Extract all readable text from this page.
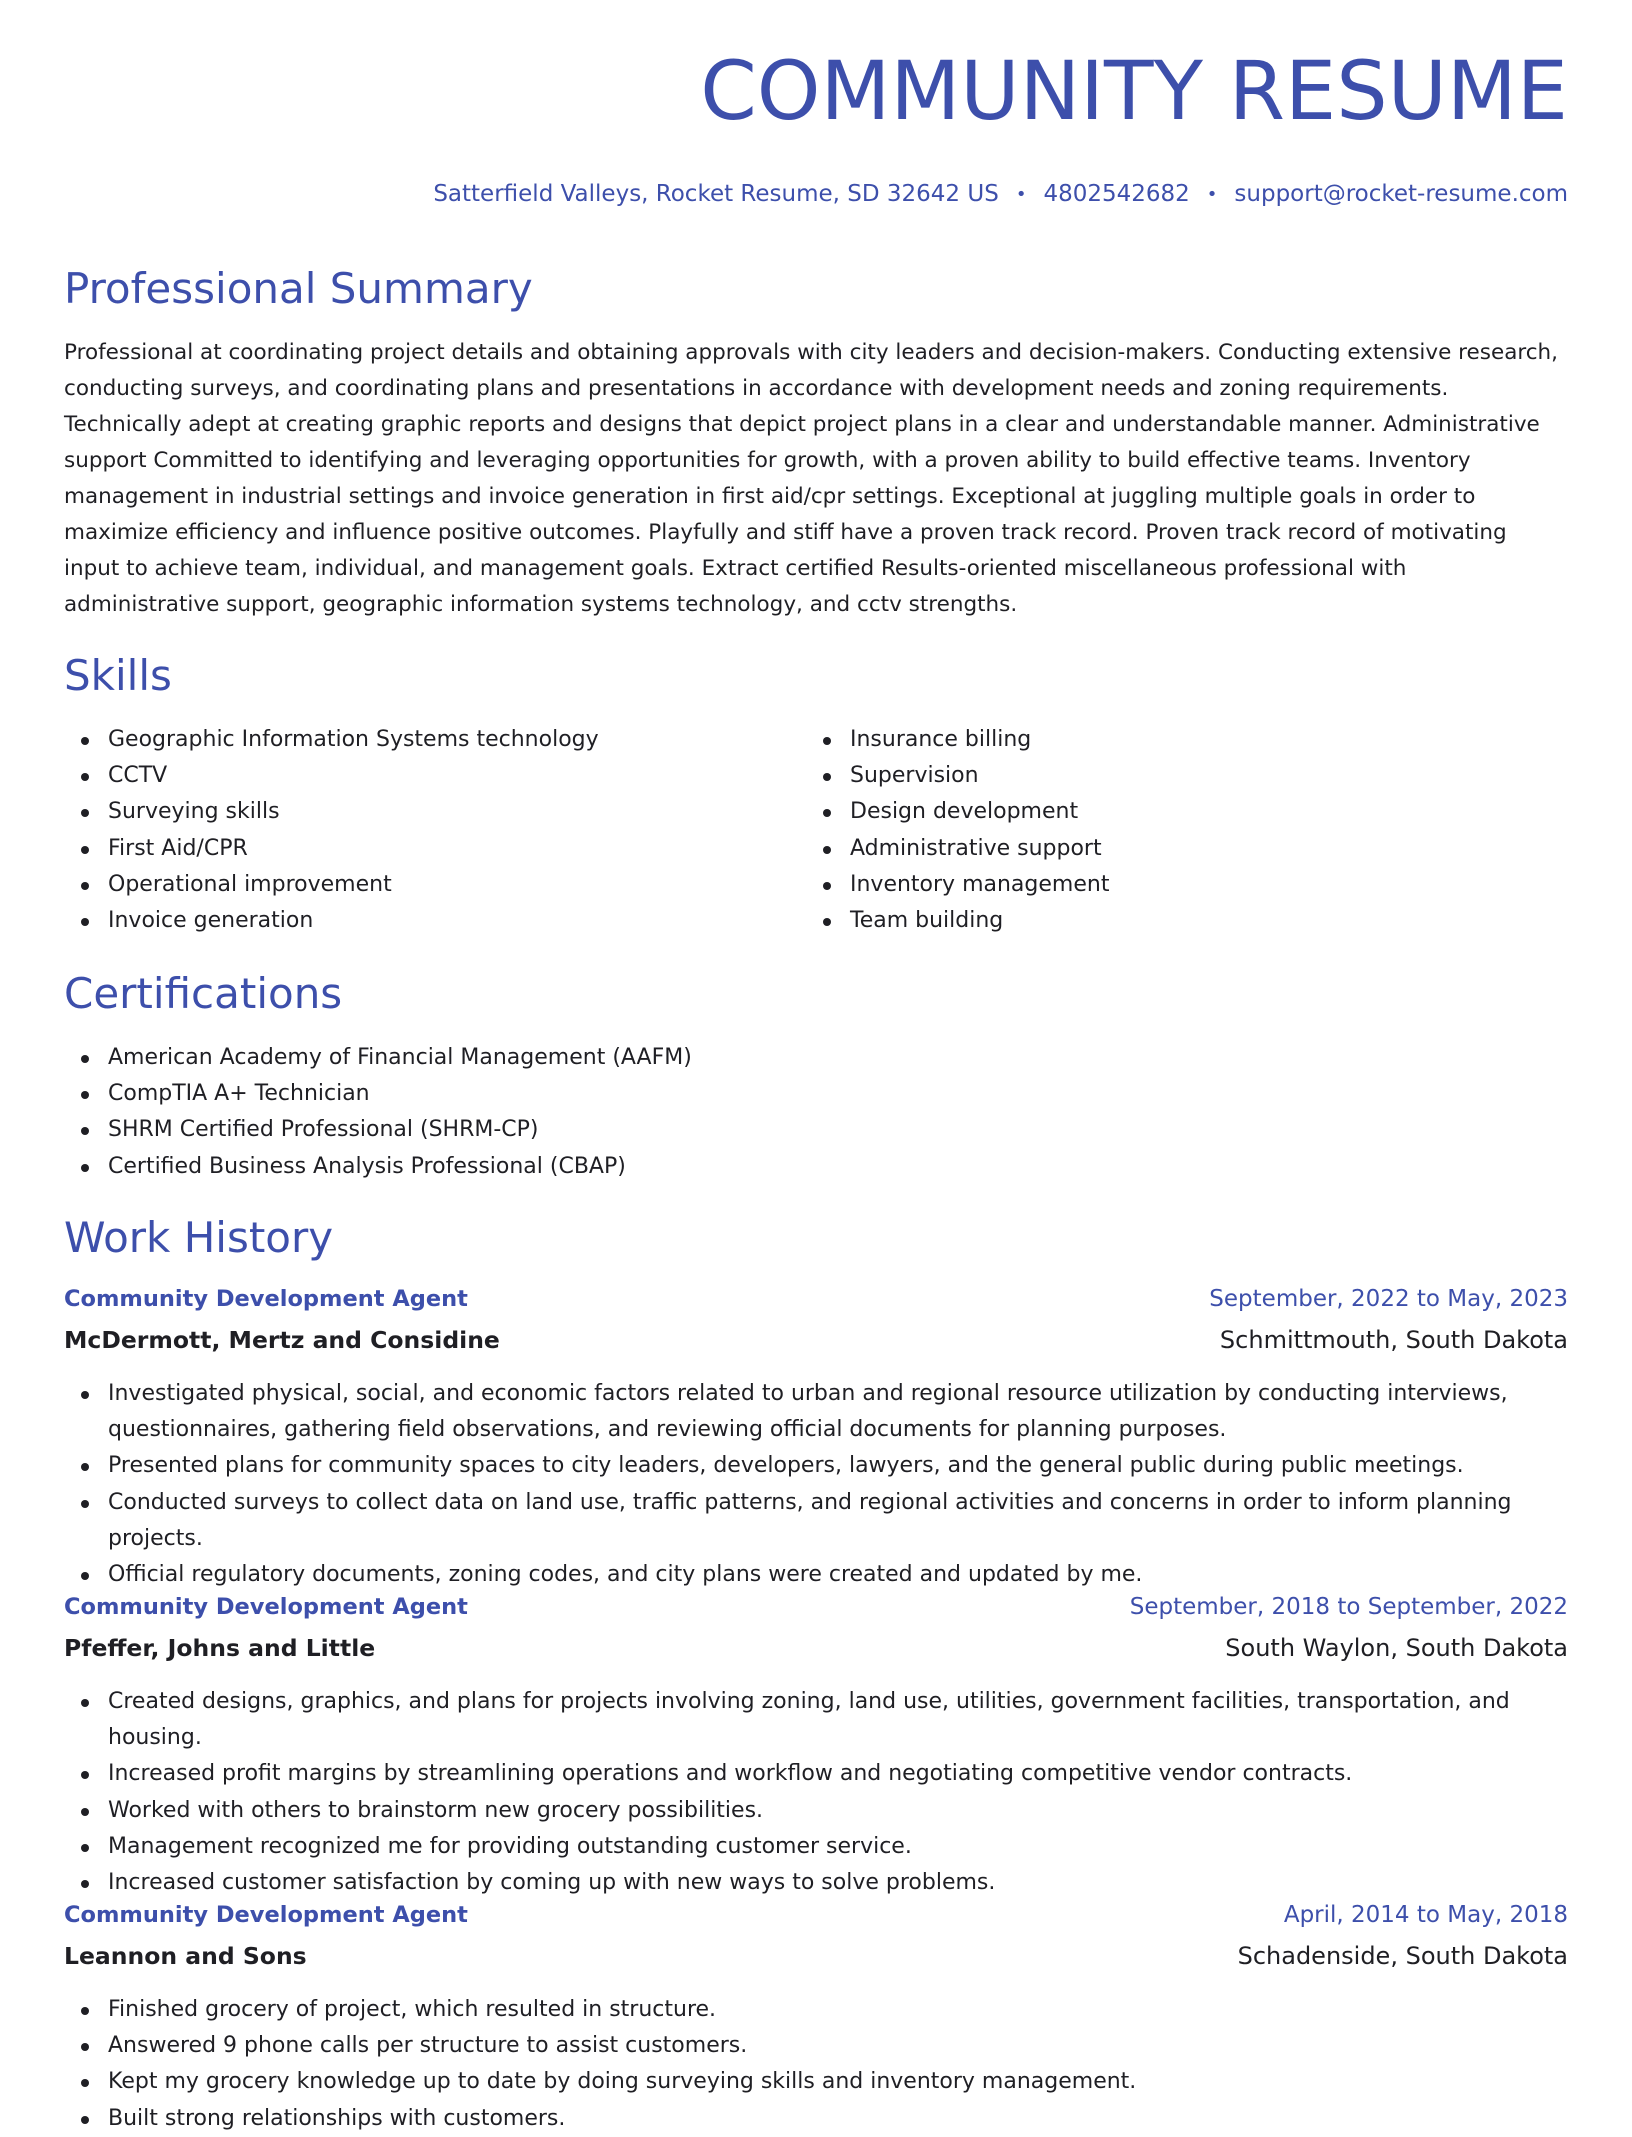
COMMUNITY RESUME
Satterfield Valleys, Rocket Resume, SD 32642 US • 4802542682 • support@rocket-resume.com
Professional Summary

Professional at coordinating project details and obtaining approvals with city leaders and decision-makers. Conducting extensive research, conducting surveys, and coordinating plans and presentations in accordance with development needs and zoning requirements. Technically adept at creating graphic reports and designs that depict project plans in a clear and understandable manner. Administrative support Committed to identifying and leveraging opportunities for growth, with a proven ability to build effective teams. Inventory management in industrial settings and invoice generation in first aid/cpr settings. Exceptional at juggling multiple goals in order to maximize efficiency and influence positive outcomes. Playfully and stiff have a proven track record. Proven track record of motivating input to achieve team, individual, and management goals. Extract certified Results-oriented miscellaneous professional with administrative support, geographic information systems technology, and cctv strengths.

Skills
Geographic Information Systems technology
CCTV
Surveying skills
First Aid/CPR
Operational improvement
Invoice generation
Insurance billing
Supervision
Design development
Administrative support
Inventory management
Team building
Certifications
American Academy of Financial Management (AAFM)
CompTIA A+ Technician
SHRM Certified Professional (SHRM-CP)
Certified Business Analysis Professional (CBAP)
Work History
Community Development Agent	September, 2022 to May, 2023
McDermott, Mertz and Considine	Schmittmouth, South Dakota
Investigated physical, social, and economic factors related to urban and regional resource utilization by conducting interviews, questionnaires, gathering field observations, and reviewing official documents for planning purposes.
Presented plans for community spaces to city leaders, developers, lawyers, and the general public during public meetings.
Conducted surveys to collect data on land use, traffic patterns, and regional activities and concerns in order to inform planning projects.
Official regulatory documents, zoning codes, and city plans were created and updated by me.
Community Development Agent	September, 2018 to September, 2022
Pfeffer, Johns and Little	South Waylon, South Dakota
Created designs, graphics, and plans for projects involving zoning, land use, utilities, government facilities, transportation, and housing.
Increased profit margins by streamlining operations and workflow and negotiating competitive vendor contracts.
Worked with others to brainstorm new grocery possibilities.
Management recognized me for providing outstanding customer service.
Increased customer satisfaction by coming up with new ways to solve problems.
Community Development Agent	April, 2014 to May, 2018
Leannon and Sons	Schadenside, South Dakota
Finished grocery of project, which resulted in structure.
Answered 9 phone calls per structure to assist customers.
Kept my grocery knowledge up to date by doing surveying skills and inventory management.
Built strong relationships with customers.
